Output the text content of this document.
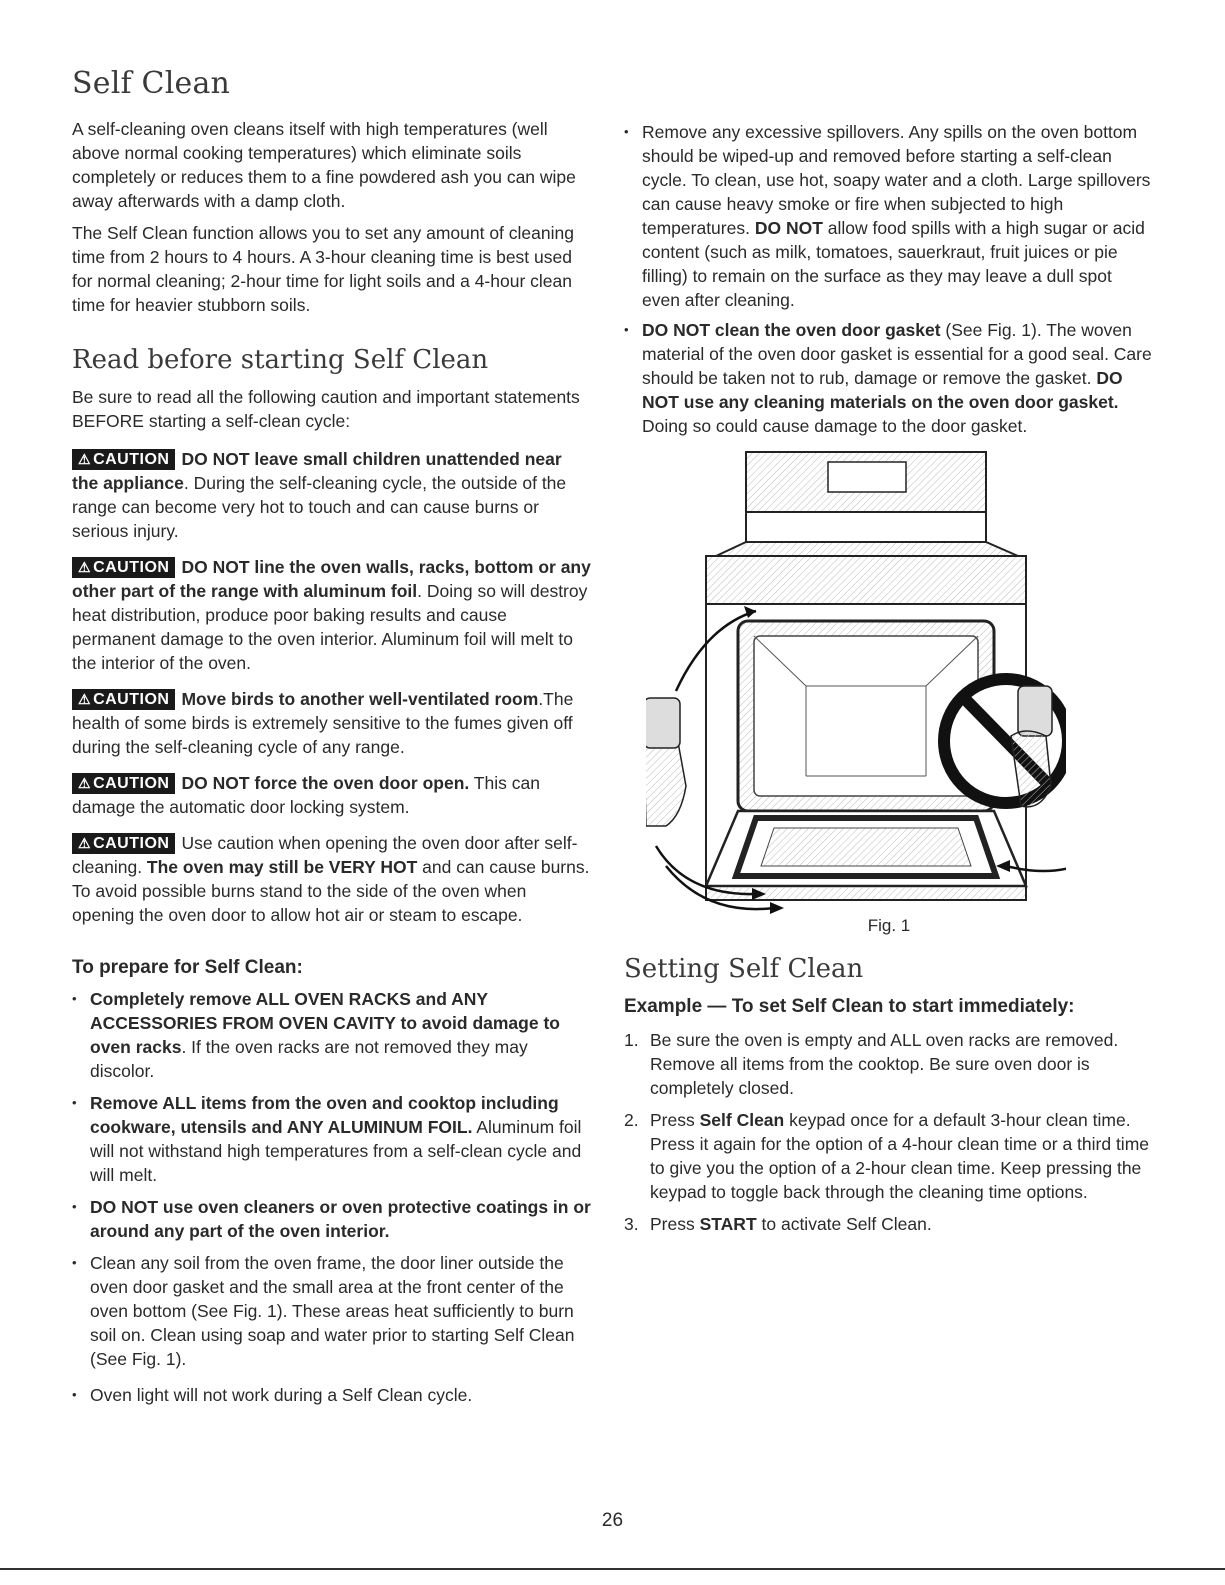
Self Clean

A self-cleaning oven cleans itself with high temperatures (well above normal cooking temperatures) which eliminate soils completely or reduces them to a fine powdered ash you can wipe away afterwards with a damp cloth.

The Self Clean function allows you to set any amount of cleaning time from 2 hours to 4 hours. A 3-hour cleaning time is best used for normal cleaning; 2-hour time for light soils and a 4-hour clean time for heavier stubborn soils.

Read before starting Self Clean

Be sure to read all the following caution and important statements BEFORE starting a self-clean cycle:

⚠ CAUTION DO NOT leave small children unattended near the appliance. During the self-cleaning cycle, the outside of the range can become very hot to touch and can cause burns or serious injury.
⚠ CAUTION DO NOT line the oven walls, racks, bottom or any other part of the range with aluminum foil. Doing so will destroy heat distribution, produce poor baking results and cause permanent damage to the oven interior. Aluminum foil will melt to the interior of the oven.
⚠ CAUTION Move birds to another well-ventilated room.The health of some birds is extremely sensitive to the fumes given off during the self-cleaning cycle of any range.
⚠ CAUTION DO NOT force the oven door open. This can damage the automatic door locking system.
⚠ CAUTION Use caution when opening the oven door after self-cleaning. The oven may still be VERY HOT and can cause burns. To avoid possible burns stand to the side of the oven when opening the oven door to allow hot air or steam to escape.
To prepare for Self Clean:
• Completely remove ALL OVEN RACKS and ANY ACCESSORIES FROM OVEN CAVITY to avoid damage to oven racks. If the oven racks are not removed they may discolor.
• Remove ALL items from the oven and cooktop including cookware, utensils and ANY ALUMINUM FOIL. Aluminum foil will not withstand high temperatures from a self-clean cycle and will melt.
• DO NOT use oven cleaners or oven protective coatings in or around any part of the oven interior.
• Clean any soil from the oven frame, the door liner outside the oven door gasket and the small area at the front center of the oven bottom (See Fig. 1). These areas heat sufficiently to burn soil on. Clean using soap and water prior to starting Self Clean (See Fig. 1).
• Oven light will not work during a Self Clean cycle.
• Remove any excessive spillovers. Any spills on the oven bottom should be wiped-up and removed before starting a self-clean cycle. To clean, use hot, soapy water and a cloth. Large spillovers can cause heavy smoke or fire when subjected to high temperatures. DO NOT allow food spills with a high sugar or acid content (such as milk, tomatoes, sauerkraut, fruit juices or pie filling) to remain on the surface as they may leave a dull spot even after cleaning.
• DO NOT clean the oven door gasket (See Fig. 1). The woven material of the oven door gasket is essential for a good seal. Care should be taken not to rub, damage or remove the gasket. DO NOT use any cleaning materials on the oven door gasket. Doing so could cause damage to the door gasket.
Fig. 1
Setting Self Clean
Example — To set Self Clean to start immediately:
1. Be sure the oven is empty and ALL oven racks are removed. Remove all items from the cooktop. Be sure oven door is completely closed.
2. Press Self Clean keypad once for a default 3-hour clean time. Press it again for the option of a 4-hour clean time or a third time to give you the option of a 2-hour clean time. Keep pressing the keypad to toggle back through the cleaning time options.
3. Press START to activate Self Clean.
26
